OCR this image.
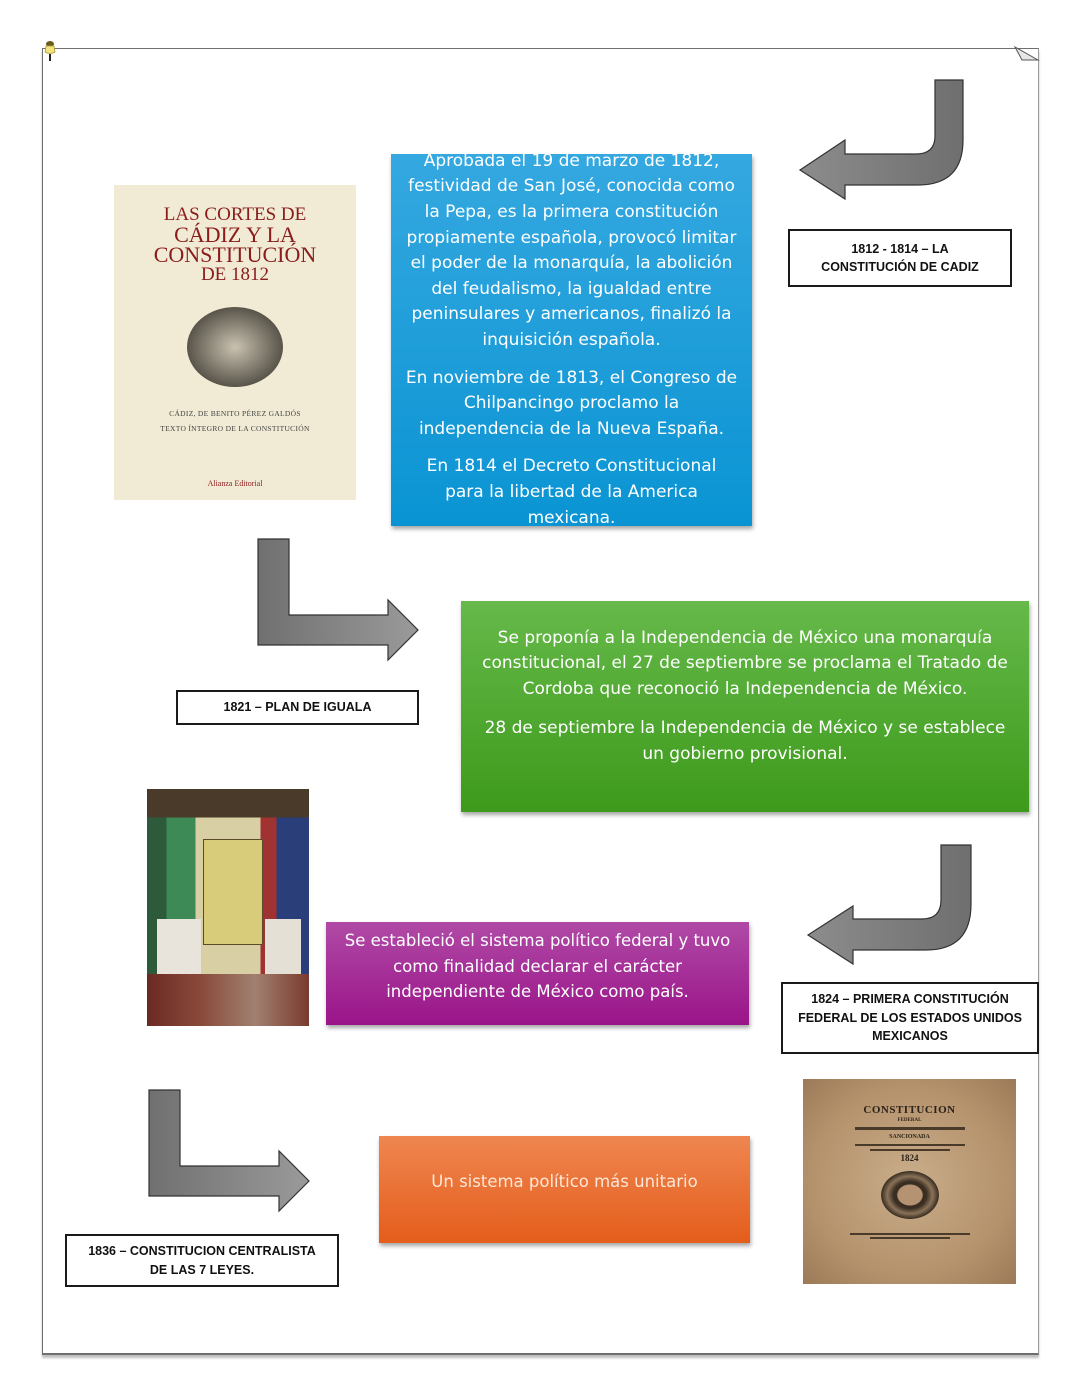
LAS CORTES DE
CÁDIZ Y LA
CONSTITUCIÓN
DE 1812
CÁDIZ, DE BENITO PÉREZ GALDÓS
TEXTO ÍNTEGRO DE LA CONSTITUCIÓN
Alianza Editorial

Aprobada el 19 de marzo de 1812, festividad de San José, conocida como la Pepa, es la primera constitución propiamente española, provocó limitar el poder de la monarquía, la abolición del feudalismo, la igualdad entre peninsulares y americanos, finalizó la inquisición española.

En noviembre de 1813, el Congreso de Chilpancingo proclamo la independencia de la Nueva España.

En 1814 el Decreto Constitucional para la libertad de la America mexicana.

1812 - 1814 – LA
CONSTITUCIÓN DE CADIZ
1821 – PLAN DE IGUALA

Se proponía a la Independencia de México una monarquía constitucional, el 27 de septiembre se proclama el Tratado de Cordoba que reconoció la Independencia de México.

28 de septiembre la Independencia de México y se establece un gobierno provisional.

Se estableció el sistema político federal y tuvo como finalidad declarar el carácter independiente de México como país.	1824 – PRIMERA CONSTITUCIÓN
FEDERAL DE LOS ESTADOS UNIDOS
MEXICANOS
1836 – CONSTITUCION CENTRALISTA
DE LAS 7 LEYES.

Un sistema político más unitario

CONSTITUCION
FEDERAL
SANCIONADA
1824
